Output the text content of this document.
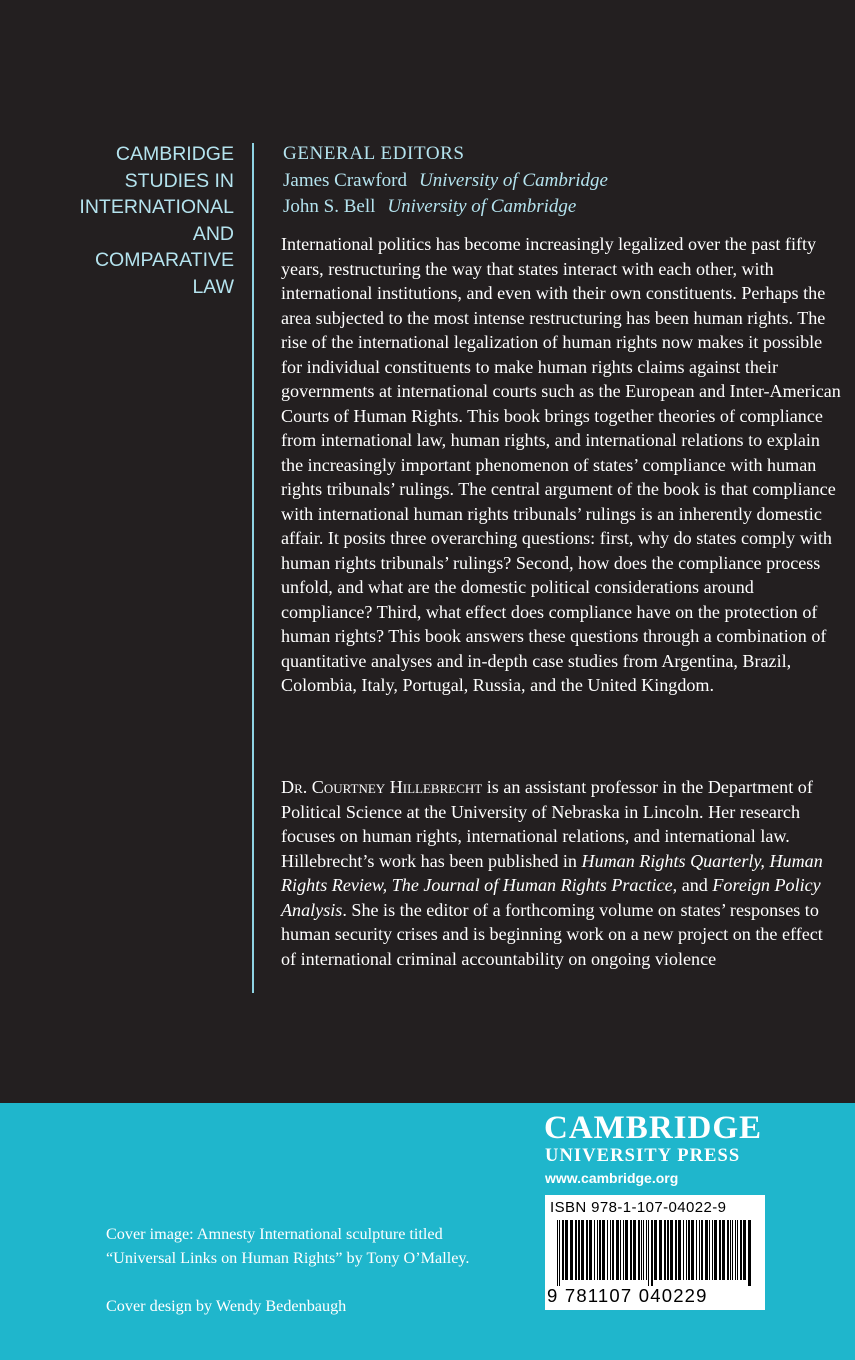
CAMBRIDGE
STUDIES IN
INTERNATIONAL
AND
COMPARATIVE
LAW
GENERAL EDITORS
James Crawford University of Cambridge
John S. Bell University of Cambridge

International politics has become increasingly legalized over the past fifty years, restructuring the way that states interact with each other, with international institutions, and even with their own constituents. Perhaps the area subjected to the most intense restructuring has been human rights. The rise of the international legalization of human rights now makes it possible for individual constituents to make human rights claims against their governments at international courts such as the European and Inter-American Courts of Human Rights. This book brings together theories of compliance from international law, human rights, and international relations to explain the increasingly important phenomenon of states’ compliance with human rights tribunals’ rulings. The central argument of the book is that compliance with international human rights tribunals’ rulings is an inherently domestic affair. It posits three overarching questions: first, why do states comply with human rights tribunals’ rulings? Second, how does the compliance process unfold, and what are the domestic political considerations around compliance? Third, what effect does compliance have on the protection of human rights? This book answers these questions through a combination of quantitative analyses and in-depth case studies from Argentina, Brazil, Colombia, Italy, Portugal, Russia, and the United Kingdom.

Dr. Courtney Hillebrecht is an assistant professor in the Department of Political Science at the University of Nebraska in Lincoln. Her research focuses on human rights, international relations, and international law. Hillebrecht’s work has been published in Human Rights Quarterly, Human Rights Review, The Journal of Human Rights Practice, and Foreign Policy Analysis. She is the editor of a forthcoming volume on states’ responses to human security crises and is beginning work on a new project on the effect of international criminal accountability on ongoing violence

CAMBRIDGE
UNIVERSITY PRESS
www.cambridge.org
ISBN 978-1-107-04022-9
9 781107 040229
Cover image: Amnesty International sculpture titled
“Universal Links on Human Rights” by Tony O’Malley.
Cover design by Wendy Bedenbaugh
